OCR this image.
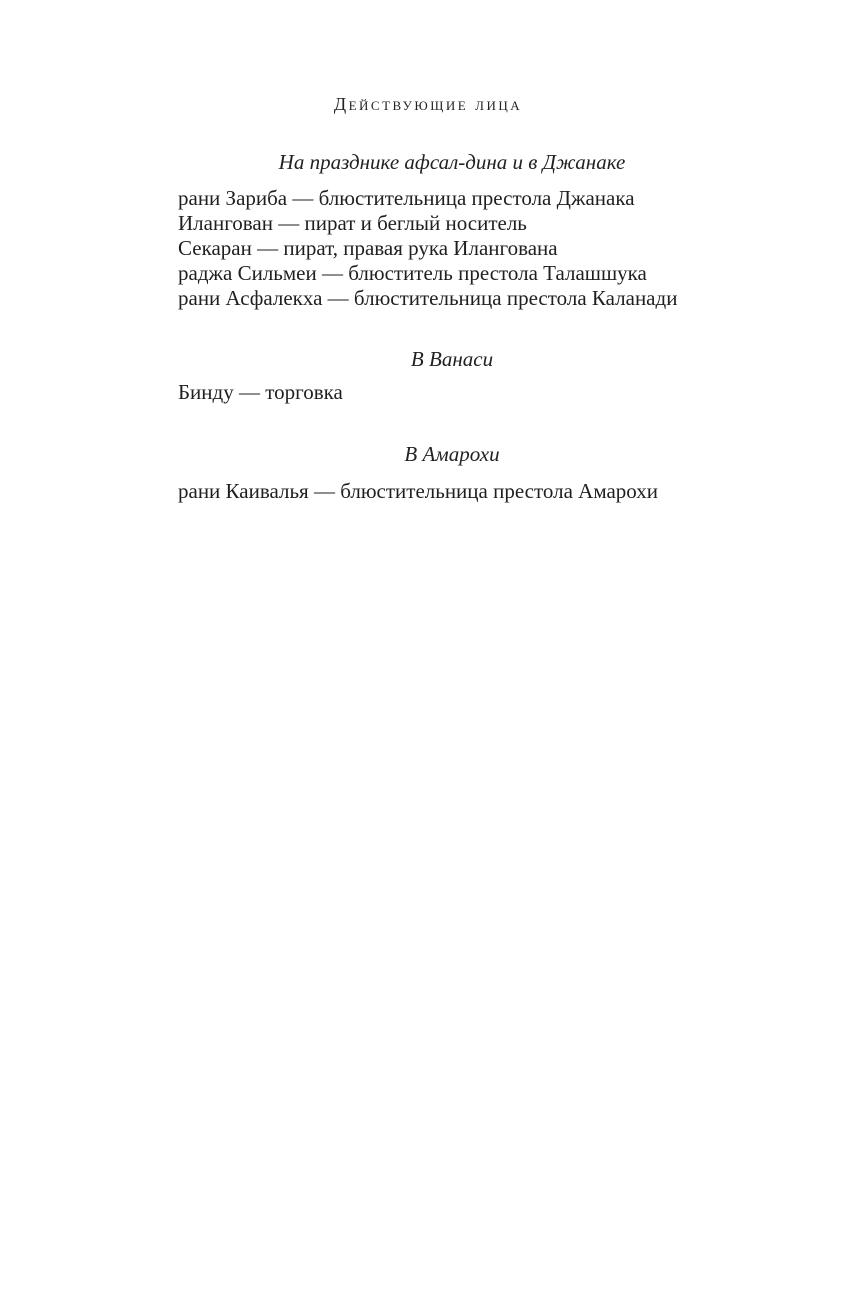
Действующие лица
На празднике афсал-дина и в Джанаке
рани Зариба — блюстительница престола Джанака
Илангован — пират и беглый носитель
Секаран — пират, правая рука Илангована
раджа Сильмеи — блюститель престола Талашшука
рани Асфалекха — блюстительница престола Каланади
В Ванаси
Бинду — торговка
В Амарохи
рани Каивалья — блюстительница престола Амарохи
